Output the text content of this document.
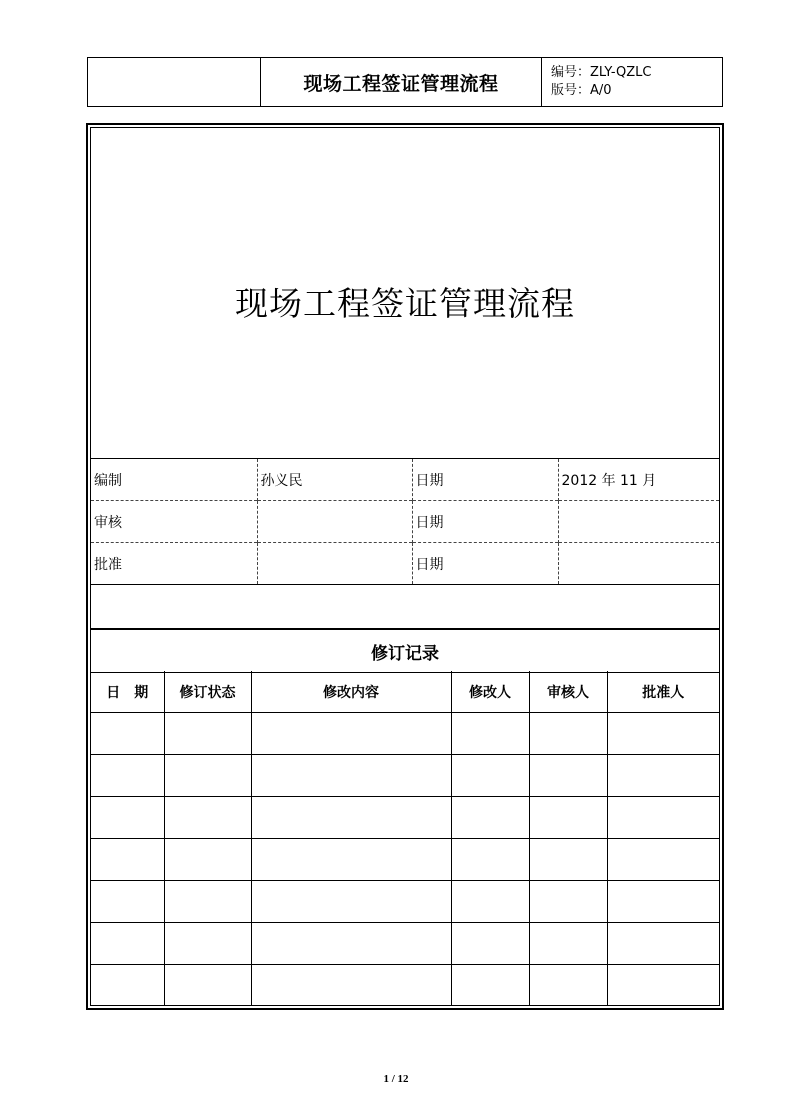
现场工程签证管理流程	编号：ZLY-QZLC
版号：A/0
现场工程签证管理流程
编制	孙义民	日期	2012 年 11 月
审核		日期	
批准		日期	
修订记录
日　期	修订状态	修改内容	修改人	审核人	批准人

1 / 12
